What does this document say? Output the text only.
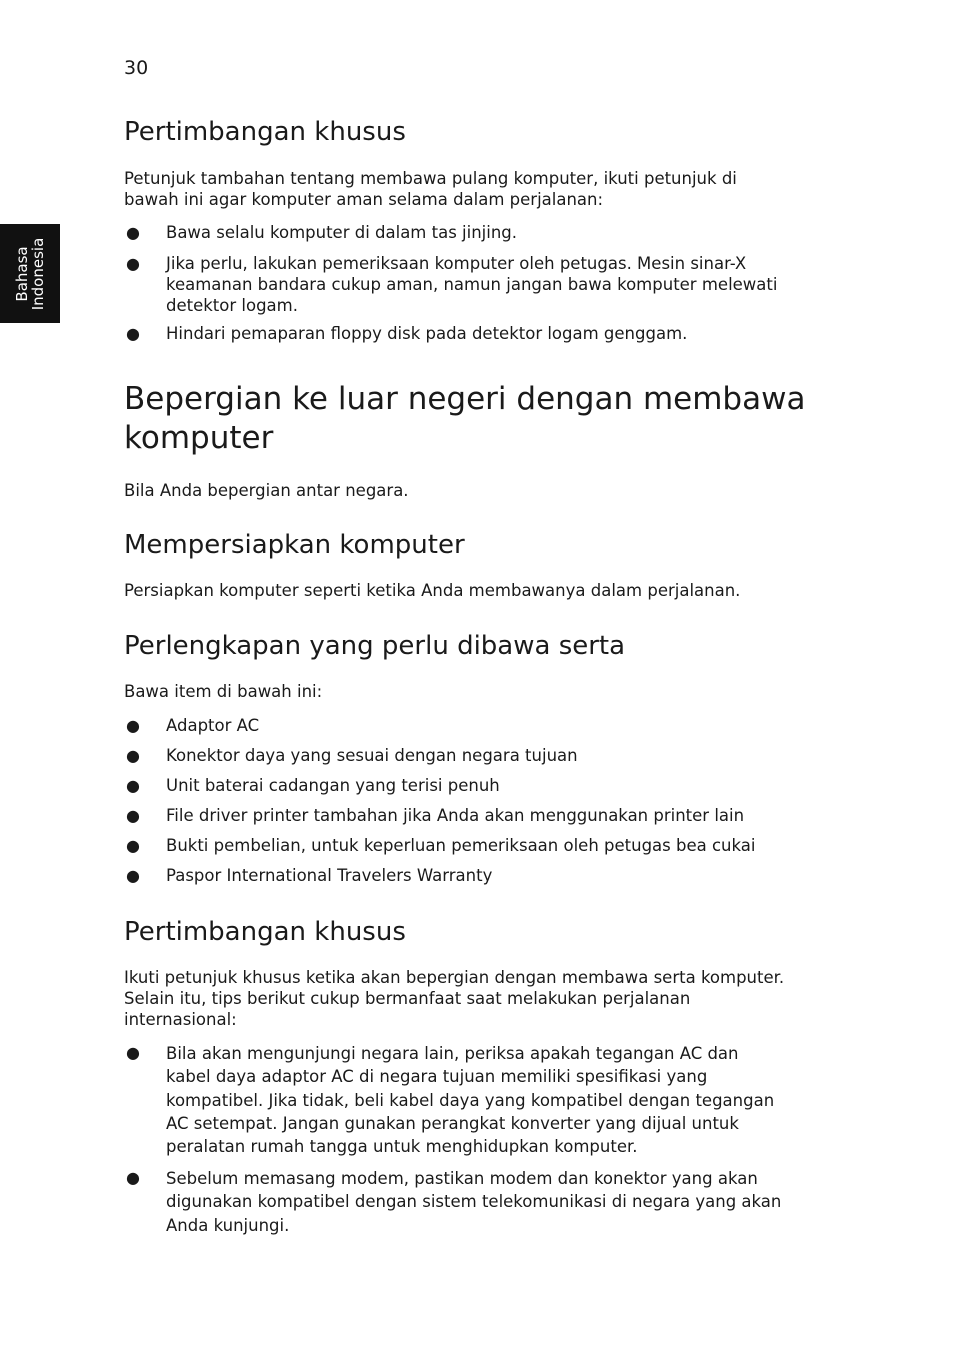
30
Bahasa
Indonesia
Pertimbangan khusus

Petunjuk tambahan tentang membawa pulang komputer, ikuti petunjuk di
bawah ini agar komputer aman selama dalam perjalanan:

● Bawa selalu komputer di dalam tas jinjing.
● Jika perlu, lakukan pemeriksaan komputer oleh petugas. Mesin sinar-X
keamanan bandara cukup aman, namun jangan bawa komputer melewati
detektor logam.
● Hindari pemaparan floppy disk pada detektor logam genggam.
Bepergian ke luar negeri dengan membawa
komputer

Bila Anda bepergian antar negara.

Mempersiapkan komputer

Persiapkan komputer seperti ketika Anda membawanya dalam perjalanan.

Perlengkapan yang perlu dibawa serta

Bawa item di bawah ini:

● Adaptor AC
● Konektor daya yang sesuai dengan negara tujuan
● Unit baterai cadangan yang terisi penuh
● File driver printer tambahan jika Anda akan menggunakan printer lain
● Bukti pembelian, untuk keperluan pemeriksaan oleh petugas bea cukai
● Paspor International Travelers Warranty
Pertimbangan khusus

Ikuti petunjuk khusus ketika akan bepergian dengan membawa serta komputer.
Selain itu, tips berikut cukup bermanfaat saat melakukan perjalanan
internasional:

● Bila akan mengunjungi negara lain, periksa apakah tegangan AC dan
kabel daya adaptor AC di negara tujuan memiliki spesifikasi yang
kompatibel. Jika tidak, beli kabel daya yang kompatibel dengan tegangan
AC setempat. Jangan gunakan perangkat konverter yang dijual untuk
peralatan rumah tangga untuk menghidupkan komputer.
● Sebelum memasang modem, pastikan modem dan konektor yang akan
digunakan kompatibel dengan sistem telekomunikasi di negara yang akan
Anda kunjungi.
